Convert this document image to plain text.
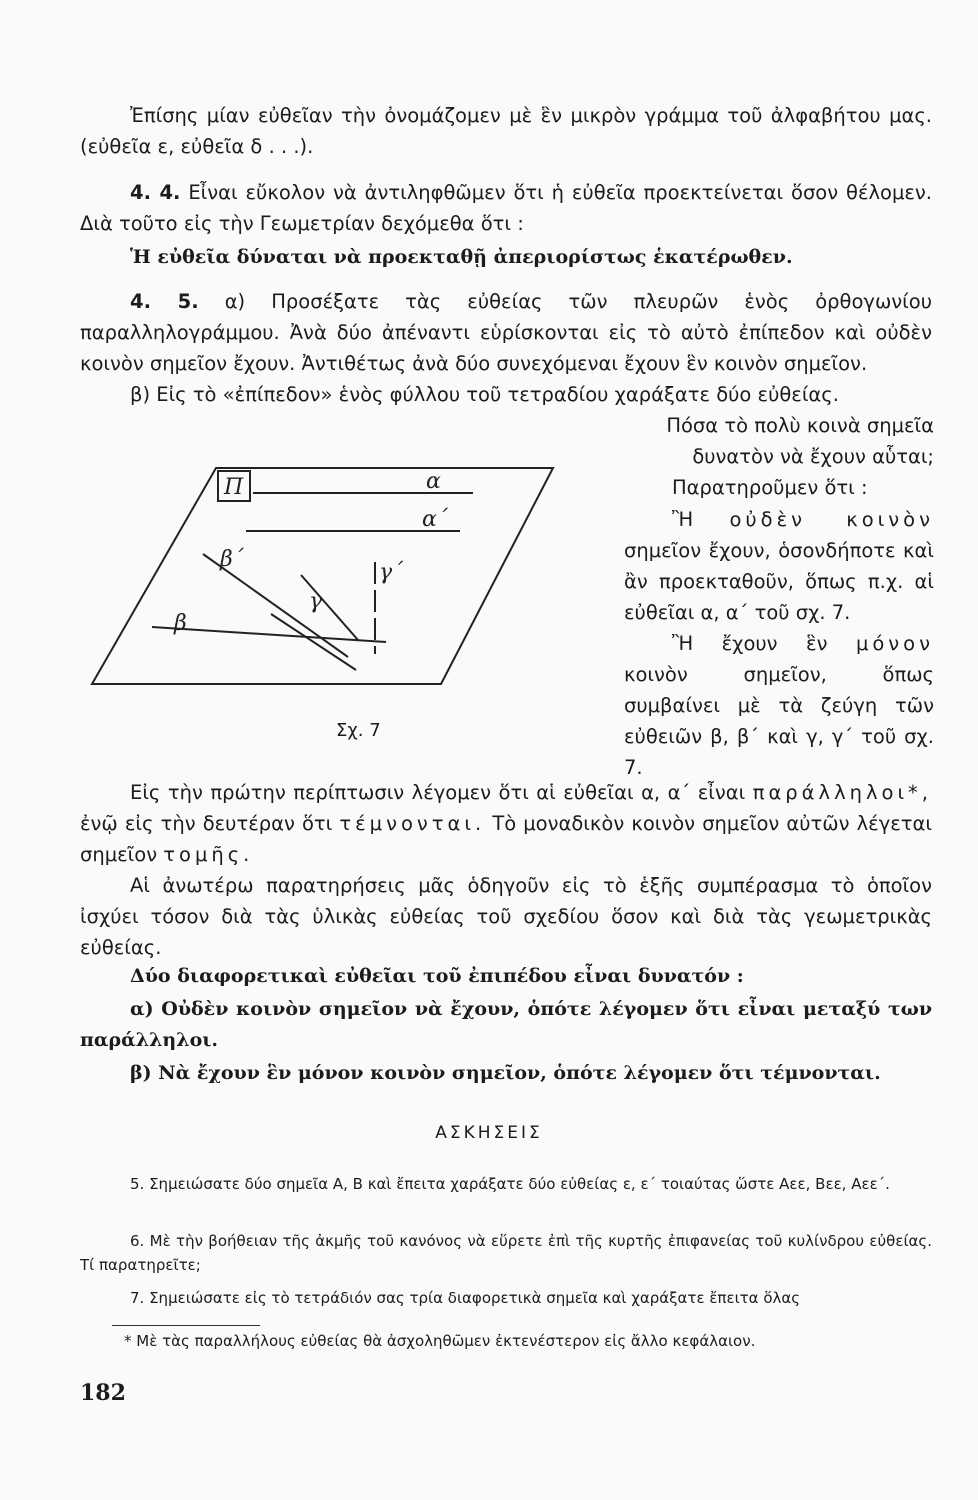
Ἐπίσης μίαν εὐθεῖαν τὴν ὀνομάζομεν μὲ ἓν μικρὸν γράμμα τοῦ ἀλφαβήτου μας. (εὐθεῖα ε, εὐθεῖα δ . . .).

4. 4. Εἶναι εὔκολον νὰ ἀντιληφθῶμεν ὅτι ἡ εὐθεῖα προεκτείνεται ὅσον θέλομεν. Διὰ τοῦτο εἰς τὴν Γεωμετρίαν δεχόμεθα ὅτι :

Ἡ εὐθεῖα δύναται νὰ προεκταθῇ ἀπεριορίστως ἑκατέρωθεν.

4. 5. α) Προσέξατε τὰς εὐθείας τῶν πλευρῶν ἑνὸς ὀρθογωνίου παραλληλογράμμου. Ἀνὰ δύο ἀπέναντι εὑρίσκονται εἰς τὸ αὐτὸ ἐπίπεδον καὶ οὐδὲν κοινὸν σημεῖον ἔχουν. Ἀντιθέτως ἀνὰ δύο συνεχόμεναι ἔχουν ἓν κοινὸν σημεῖον.

β) Εἰς τὸ «ἐπίπεδον» ἑνὸς φύλλου τοῦ τετραδίου χαράξατε δύο εὐθείας.

Π	α
α΄
β΄
β
γ
γ΄
Σχ. 7

Πόσα τὸ πολὺ κοινὰ σημεῖα δυνατὸν νὰ ἔχουν αὗται;

Παρατηροῦμεν ὅτι :

Ἢ οὐδὲν κοινὸν σημεῖον ἔχουν, ὁσονδήποτε καὶ ἂν προεκταθοῦν, ὅπως π.χ. αἱ εὐθεῖαι α, α΄ τοῦ σχ. 7.

Ἢ ἔχουν ἓν μόνον κοινὸν σημεῖον, ὅπως συμβαίνει μὲ τὰ ζεύγη τῶν εὐθειῶν β, β΄ καὶ γ, γ΄ τοῦ σχ. 7.

Εἰς τὴν πρώτην περίπτωσιν λέγομεν ὅτι αἱ εὐθεῖαι α, α΄ εἶναι παράλληλοι*, ἐνῷ εἰς τὴν δευτέραν ὅτι τέμνονται. Τὸ μοναδικὸν κοινὸν σημεῖον αὐτῶν λέγεται σημεῖον τομῆς.

Αἱ ἀνωτέρω παρατηρήσεις μᾶς ὁδηγοῦν εἰς τὸ ἑξῆς συμπέρασμα τὸ ὁποῖον ἰσχύει τόσον διὰ τὰς ὑλικὰς εὐθείας τοῦ σχεδίου ὅσον καὶ διὰ τὰς γεωμετρικὰς εὐθείας.

Δύο διαφορετικαὶ εὐθεῖαι τοῦ ἐπιπέδου εἶναι δυνατόν :

α) Οὐδὲν κοινὸν σημεῖον νὰ ἔχουν, ὁπότε λέγομεν ὅτι εἶναι μεταξύ των παράλληλοι.

β) Νὰ ἔχουν ἓν μόνον κοινὸν σημεῖον, ὁπότε λέγομεν ὅτι τέμνονται.

ΑΣΚΗΣΕΙΣ

5. Σημειώσατε δύο σημεῖα Α, Β καὶ ἔπειτα χαράξατε δύο εὐθείας ε, ε΄ τοιαύτας ὥστε Αεε, Βεε, Αεε΄.

6. Μὲ τὴν βοήθειαν τῆς ἀκμῆς τοῦ κανόνος νὰ εὕρετε ἐπὶ τῆς κυρτῆς ἐπιφανείας τοῦ κυλίνδρου εὐθείας. Τί παρατηρεῖτε;

7. Σημειώσατε εἰς τὸ τετράδιόν σας τρία διαφορετικὰ σημεῖα καὶ χαράξατε ἔπειτα ὅλας

* Μὲ τὰς παραλλήλους εὐθείας θὰ ἀσχοληθῶμεν ἐκτενέστερον εἰς ἄλλο κεφάλαιον.
182
